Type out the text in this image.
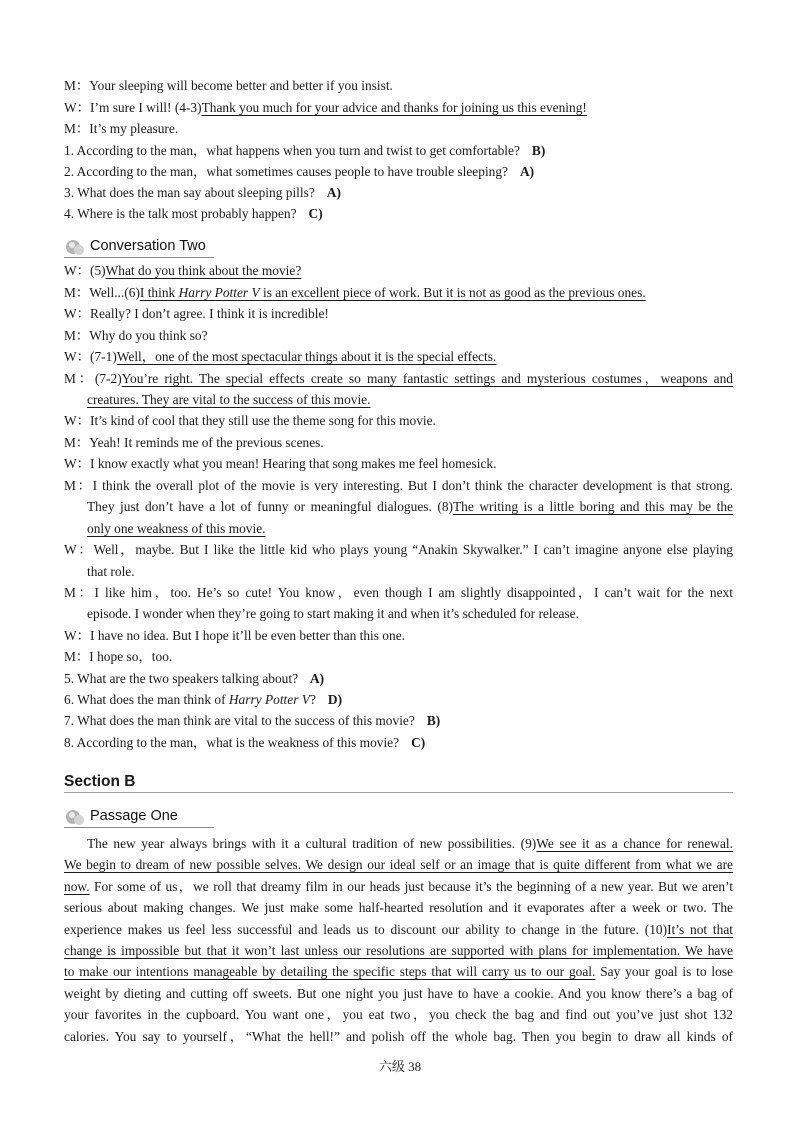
M：Your sleeping will become better and better if you insist.
W：I’m sure I will! (4-3)Thank you much for your advice and thanks for joining us this evening!
M：It’s my pleasure.
1. According to the man，what happens when you turn and twist to get comfortable? B)
2. According to the man，what sometimes causes people to have trouble sleeping? A)
3. What does the man say about sleeping pills? A)
4. Where is the talk most probably happen? C)
Conversation Two
W：(5)What do you think about the movie?
M：Well...(6)I think Harry Potter V is an excellent piece of work. But it is not as good as the previous ones.
W：Really? I don’t agree. I think it is incredible!
M：Why do you think so?
W：(7-1)Well，one of the most spectacular things about it is the special effects.
M：(7-2)You’re right. The special effects create so many fantastic settings and mysterious costumes，weapons and
creatures. They are vital to the success of this movie.
W：It’s kind of cool that they still use the theme song for this movie.
M：Yeah! It reminds me of the previous scenes.
W：I know exactly what you mean! Hearing that song makes me feel homesick.
M：I think the overall plot of the movie is very interesting. But I don’t think the character development is that strong.
They just don’t have a lot of funny or meaningful dialogues. (8)The writing is a little boring and this may be the
only one weakness of this movie.
W：Well，maybe. But I like the little kid who plays young “Anakin Skywalker.” I can’t imagine anyone else playing
that role.
M：I like him，too. He’s so cute! You know，even though I am slightly disappointed，I can’t wait for the next
episode. I wonder when they’re going to start making it and when it’s scheduled for release.
W：I have no idea. But I hope it’ll be even better than this one.
M：I hope so，too.
5. What are the two speakers talking about? A)
6. What does the man think of Harry Potter V? D)
7. What does the man think are vital to the success of this movie? B)
8. According to the man，what is the weakness of this movie? C)
Section B
Passage One
The new year always brings with it a cultural tradition of new possibilities. (9)We see it as a chance for renewal.
We begin to dream of new possible selves. We design our ideal self or an image that is quite different from what we are
now. For some of us，we roll that dreamy film in our heads just because it’s the beginning of a new year. But we aren’t
serious about making changes. We just make some half-hearted resolution and it evaporates after a week or two. The
experience makes us feel less successful and leads us to discount our ability to change in the future. (10)It’s not that
change is impossible but that it won’t last unless our resolutions are supported with plans for implementation. We have
to make our intentions manageable by detailing the specific steps that will carry us to our goal. Say your goal is to lose
weight by dieting and cutting off sweets. But one night you just have to have a cookie. And you know there’s a bag of
your favorites in the cupboard. You want one，you eat two，you check the bag and find out you’ve just shot 132
calories. You say to yourself，“What the hell!” and polish off the whole bag. Then you begin to draw all kinds of
六级 38
